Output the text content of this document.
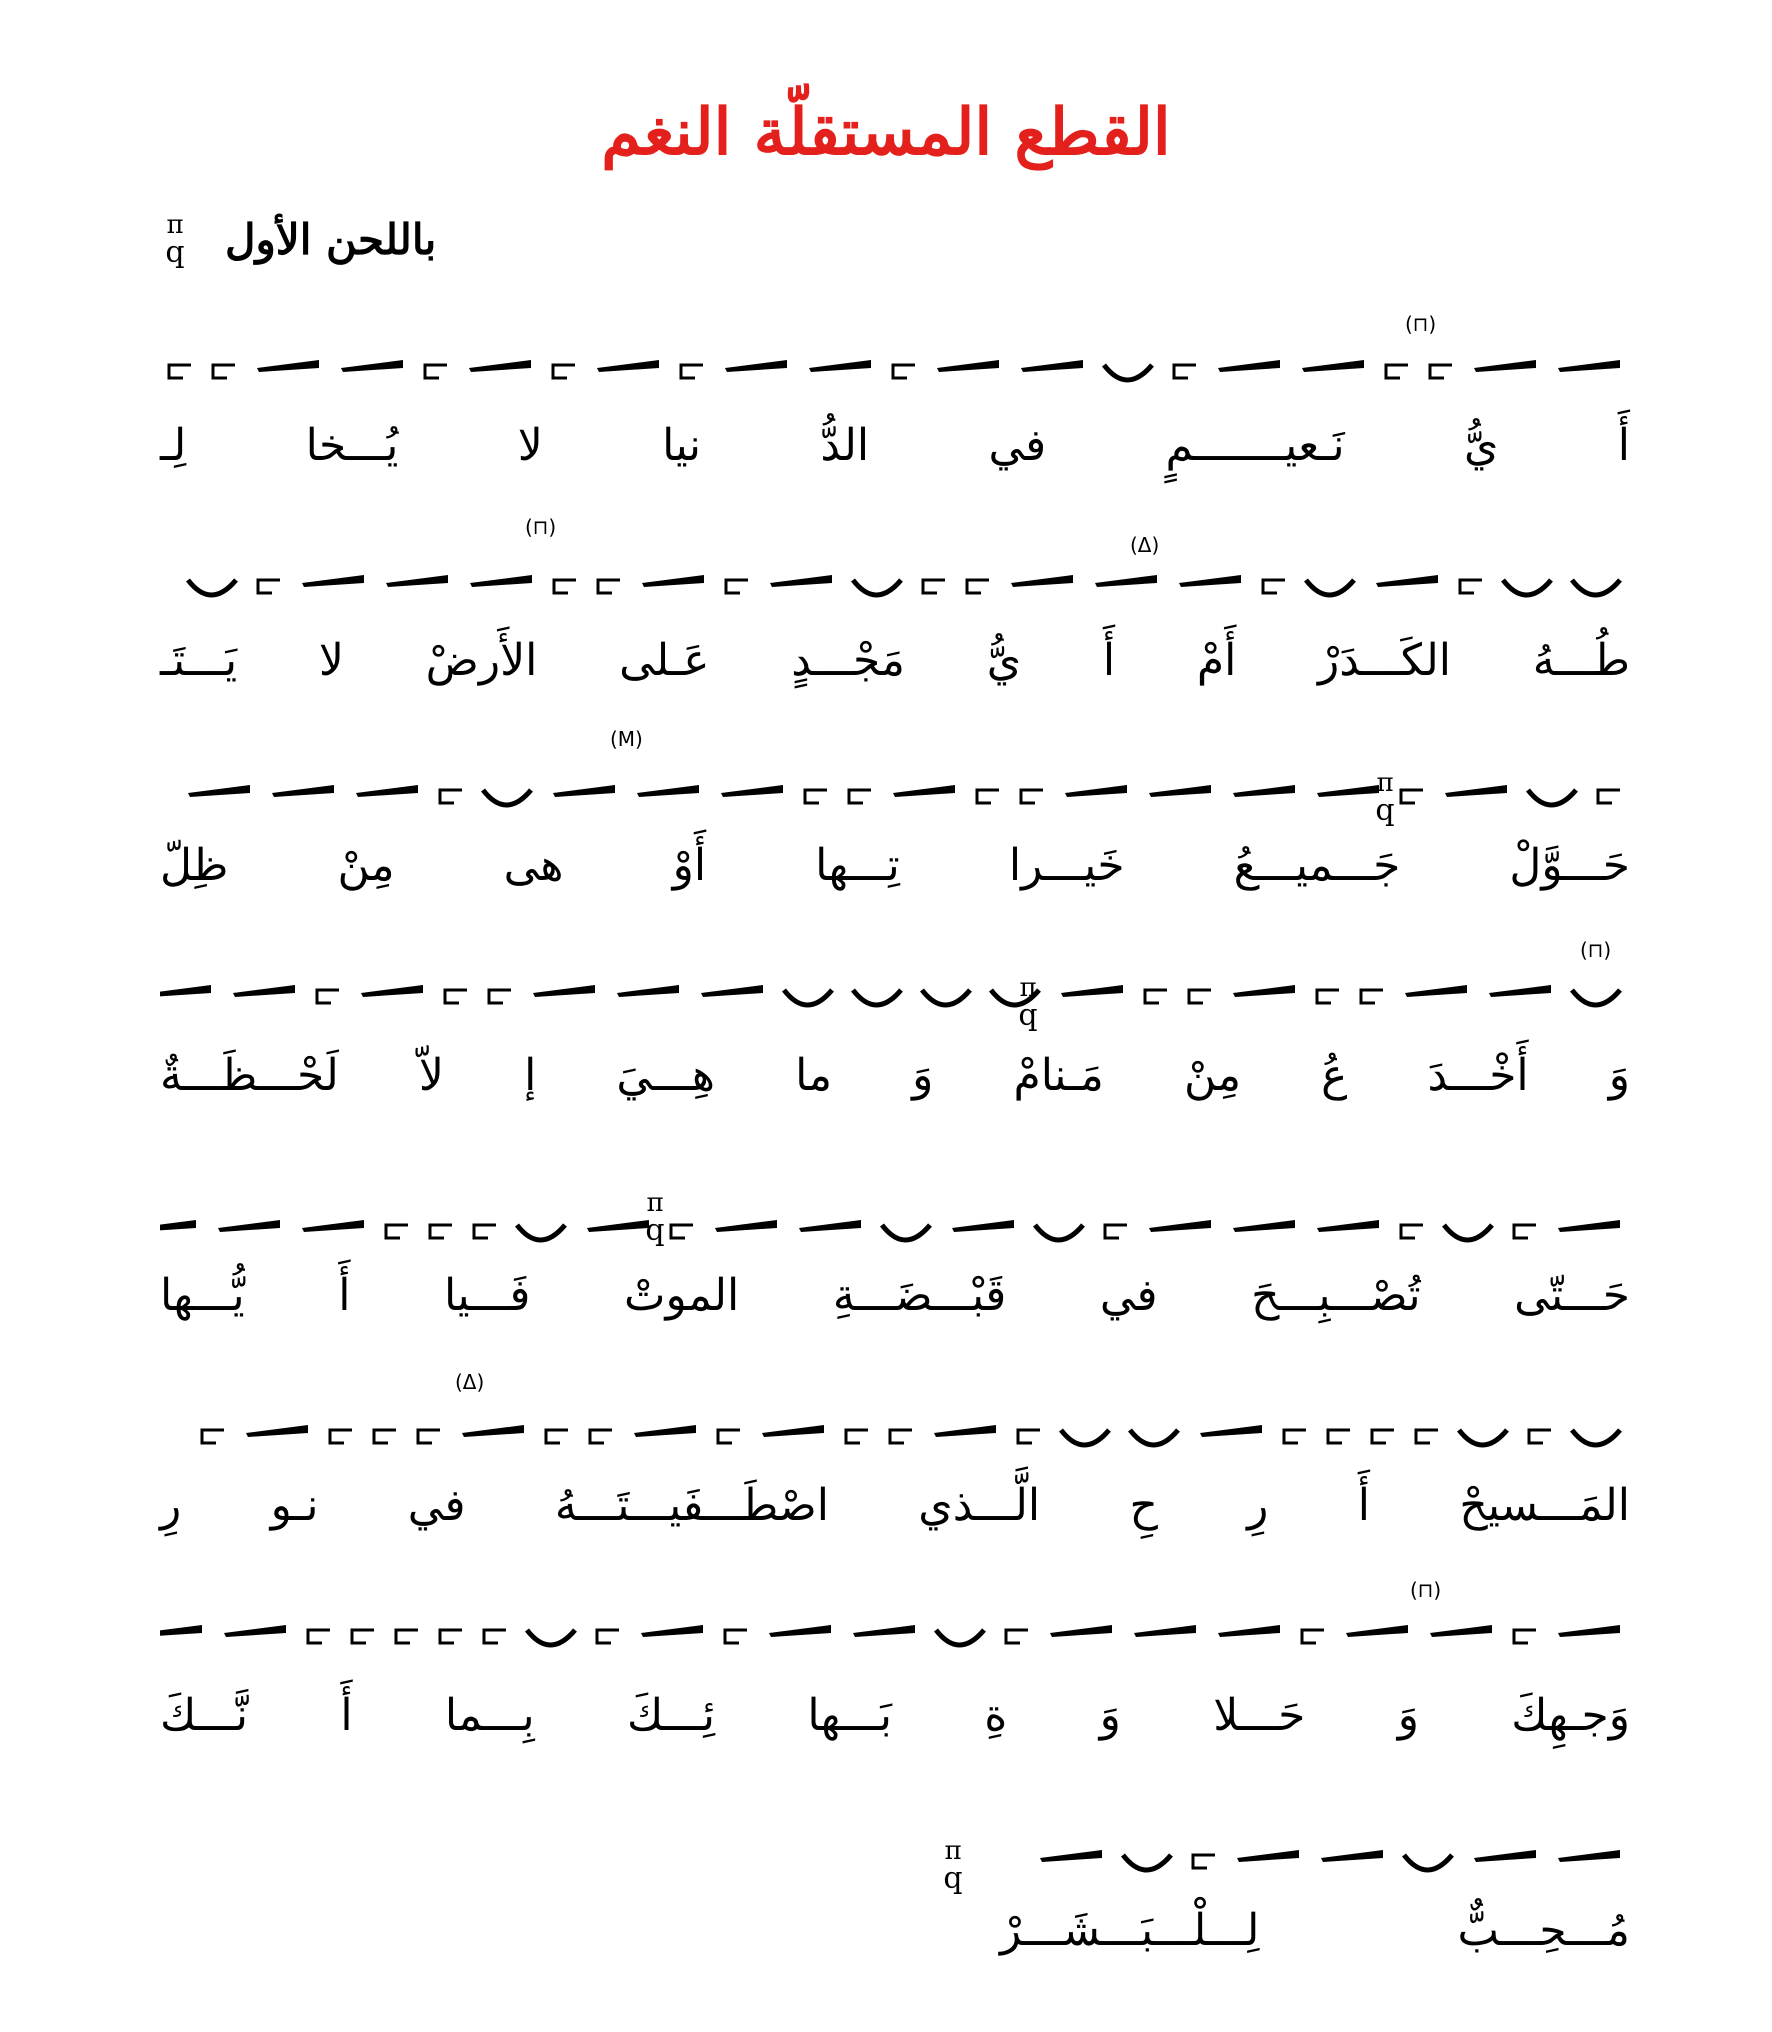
القطع المستقلّة النغم
باللحن الأول
π
q
أَ يُّ نَـعيـــــــمٍ في الدُّ نيا لا يُـــخا لِـ
طُـــهُ الكَـــدَرْ أَمْ أَ يُّ مَجْـــدٍ عَـلى الأَرضْ لا يَـــتَـ
حَـــوَّلْ جَـــميـــعُ خَيـــرا تِـــها أَوْ هى مِنْ ظِلّ
وَ أَخْـــدَ عُ مِنْ مَـنامْ وَ ما هِـــيَ إ لاّ لَحْـــظَـــةٌ
حَـــتّى تُصْـــبِـــحَ في قَبْـــضَـــةِ الموتْ فَـــيا أَ يُّـــها
المَـــسيحْ أَ رِ حِ الَّـــذي اصْطَـــفَيـــتَـــهُ في نـو رِ
وَجـهِكَ وَ حَـــلا وَ ةِ بَـــها ئِـــكَ بِـــما أَ نَّـــكَ
مُـــحِـــبٌّ لِـــلْـــبَـــشَـــرْ
(⊓)
(⊓)
(Δ)
(M)
(⊓)
(Δ)
(⊓)
π
q
π
q
π
q
π
q
